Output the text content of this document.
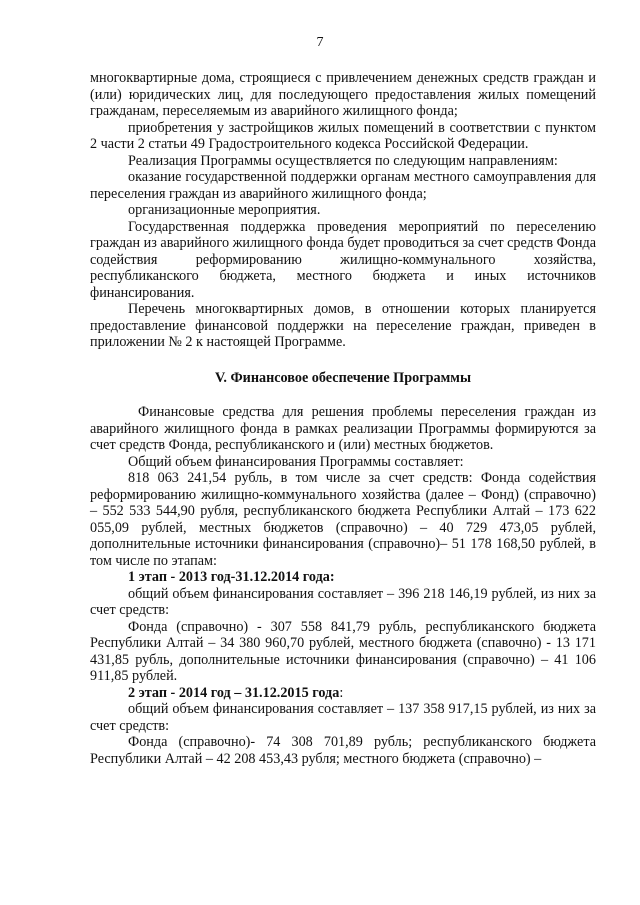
7

многоквартирные дома, строящиеся с привлечением денежных средств граждан и (или) юридических лиц, для последующего предоставления жилых помещений гражданам, переселяемым из аварийного жилищного фонда;

приобретения у застройщиков жилых помещений в соответствии с пунктом 2 части 2 статьи 49 Градостроительного кодекса Российской Федерации.

Реализация Программы осуществляется по следующим направлениям:

оказание государственной поддержки органам местного самоуправления для переселения граждан из аварийного жилищного фонда;

организационные мероприятия.

Государственная поддержка проведения мероприятий по переселению граждан из аварийного жилищного фонда будет проводиться за счет средств Фонда содействия реформированию жилищно-коммунального хозяйства, республиканского бюджета, местного бюджета и иных источников финансирования.

Перечень многоквартирных домов, в отношении которых планируется предоставление финансовой поддержки на переселение граждан, приведен в приложении № 2 к настоящей Программе.

V. Финансовое обеспечение Программы

Финансовые средства для решения проблемы переселения граждан из аварийного жилищного фонда в рамках реализации Программы формируются за счет средств Фонда, республиканского и (или) местных бюджетов.

Общий объем финансирования Программы составляет:

818 063 241,54 рубль, в том числе за счет средств: Фонда содействия реформированию жилищно-коммунального хозяйства (далее – Фонд) (справочно) – 552 533 544,90 рубля, республиканского бюджета Республики Алтай – 173 622 055,09 рублей, местных бюджетов (справочно) – 40 729 473,05 рублей, дополнительные источники финансирования (справочно)– 51 178 168,50 рублей, в том числе по этапам:

1 этап - 2013 год-31.12.2014 года:

общий объем финансирования составляет – 396 218 146,19 рублей, из них за счет средств:

Фонда (справочно) - 307 558 841,79 рубль, республиканского бюджета Республики Алтай – 34 380 960,70 рублей, местного бюджета (спавочно) - 13 171 431,85 рубль, дополнительные источники финансирования (справочно) – 41 106 911,85 рублей.

2 этап - 2014 год – 31.12.2015 года:

общий объем финансирования составляет – 137 358 917,15 рублей, из них за счет средств:

Фонда (справочно)- 74 308 701,89 рубль; республиканского бюджета Республики Алтай – 42 208 453,43 рубля; местного бюджета (справочно) –
